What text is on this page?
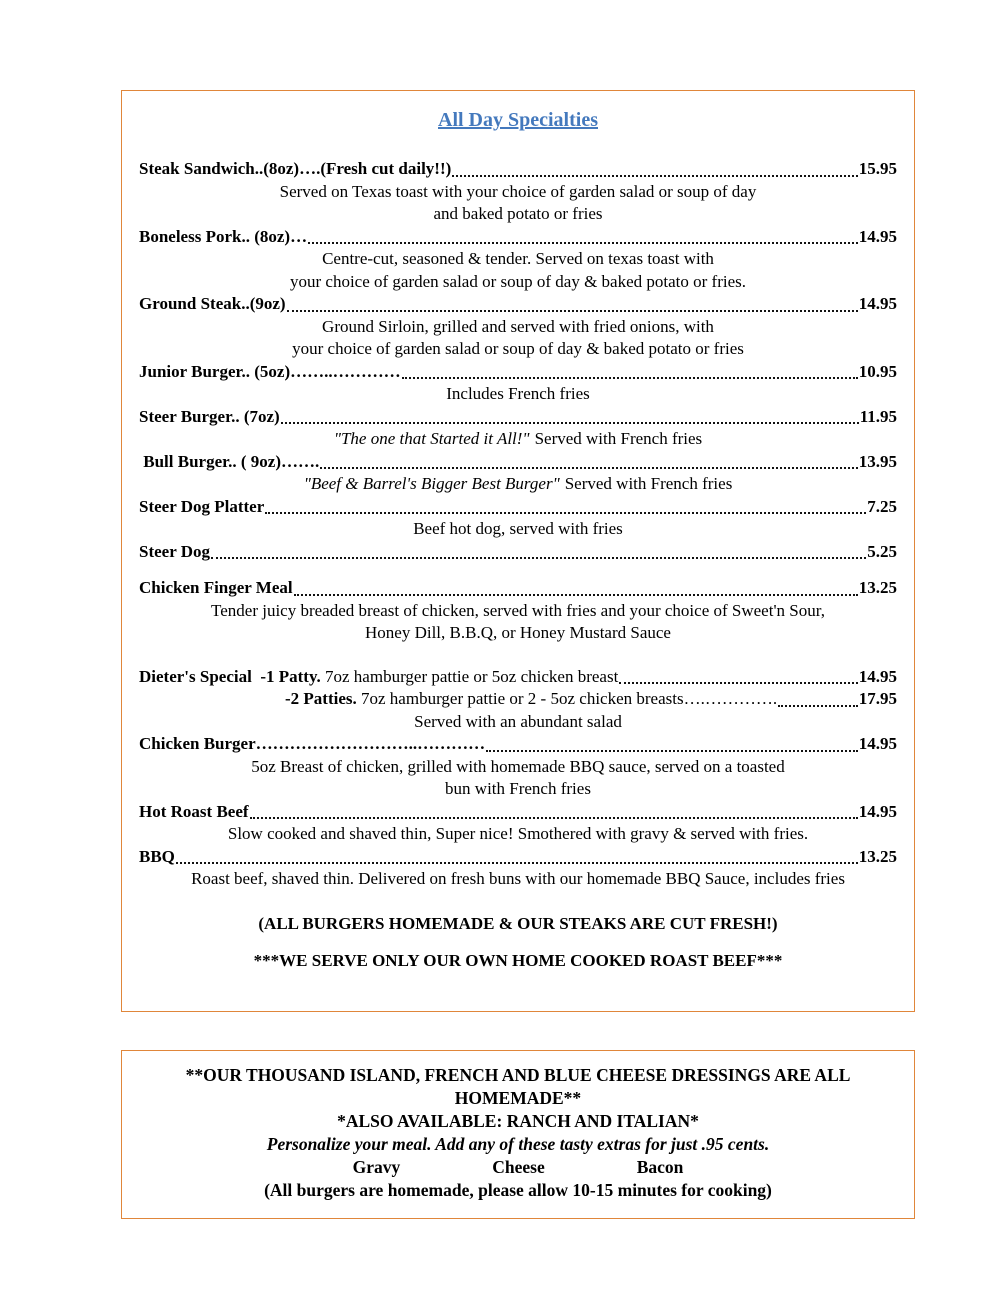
All Day Specialties
Steak Sandwich..(8oz)….(Fresh cut daily!!)	15.95
Served on Texas toast with your choice of garden salad or soup of day
and baked potato or fries
Boneless Pork.. (8oz)…	14.95
Centre-cut, seasoned & tender. Served on texas toast with
your choice of garden salad or soup of day & baked potato or fries.
Ground Steak..(9oz)	14.95
Ground Sirloin, grilled and served with fried onions, with
your choice of garden salad or soup of day & baked potato or fries
Junior Burger.. (5oz)……..…………	10.95
Includes French fries
Steer Burger.. (7oz)	11.95
"The one that Started it All!" Served with French fries
Bull Burger.. ( 9oz)…….	13.95
"Beef & Barrel's Bigger Best Burger" Served with French fries
Steer Dog Platter	7.25
Beef hot dog, served with fries
Steer Dog	5.25
Chicken Finger Meal	13.25
Tender juicy breaded breast of chicken, served with fries and your choice of Sweet'n Sour,
Honey Dill, B.B.Q, or Honey Mustard Sauce
Dieter's Special  -1 Patty. 7oz hamburger pattie or 5oz chicken breast	14.95
-2 Patties. 7oz hamburger pattie or 2 - 5oz chicken breasts….………….	17.95
Served with an abundant salad
Chicken Burger………………………..…………	14.95
5oz Breast of chicken, grilled with homemade BBQ sauce, served on a toasted
bun with French fries
Hot Roast Beef	14.95
Slow cooked and shaved thin, Super nice! Smothered with gravy & served with fries.
BBQ	13.25
Roast beef, shaved thin. Delivered on fresh buns with our homemade BBQ Sauce, includes fries
(ALL BURGERS HOMEMADE & OUR STEAKS ARE CUT FRESH!)
***WE SERVE ONLY OUR OWN HOME COOKED ROAST BEEF***
**OUR THOUSAND ISLAND, FRENCH AND BLUE CHEESE DRESSINGS ARE ALL
HOMEMADE**
*ALSO AVAILABLE: RANCH AND ITALIAN*
Personalize your meal. Add any of these tasty extras for just .95 cents.
Gravy	Cheese	Bacon
(All burgers are homemade, please allow 10-15 minutes for cooking)
